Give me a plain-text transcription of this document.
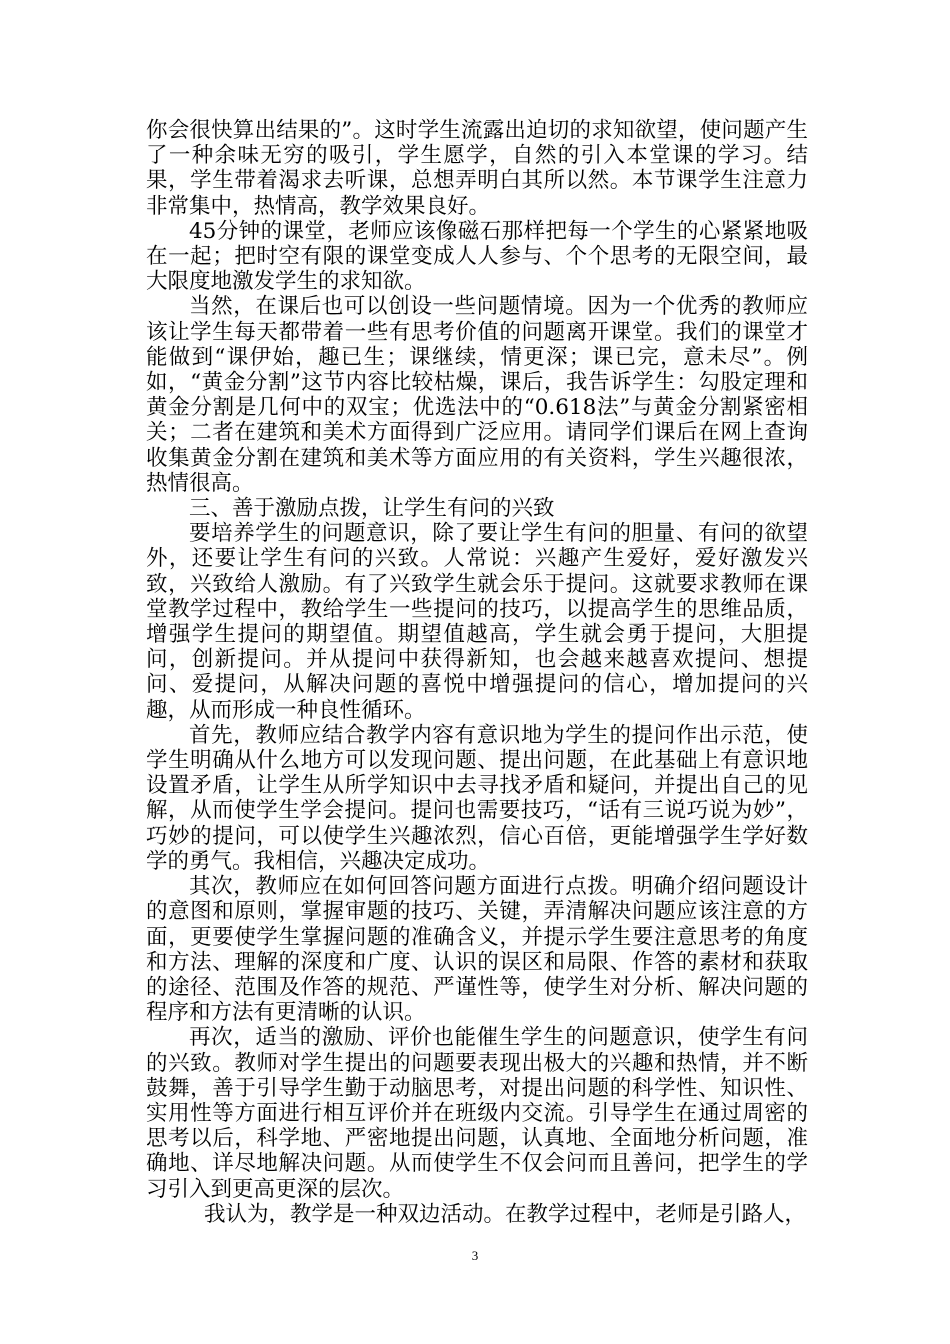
你会很快算出结果的”。这时学生流露出迫切的求知欲望，使问题产生了一种余味无穷的吸引，学生愿学，自然的引入本堂课的学习。结果，学生带着渴求去听课，总想弄明白其所以然。本节课学生注意力非常集中，热情高，教学效果良好。

45分钟的课堂，老师应该像磁石那样把每一个学生的心紧紧地吸在一起；把时空有限的课堂变成人人参与、个个思考的无限空间，最大限度地激发学生的求知欲。

当然，在课后也可以创设一些问题情境。因为一个优秀的教师应该让学生每天都带着一些有思考价值的问题离开课堂。我们的课堂才能做到“课伊始，趣已生；课继续，情更深；课已完，意未尽”。例如，“黄金分割”这节内容比较枯燥，课后，我告诉学生：勾股定理和黄金分割是几何中的双宝；优选法中的“0.618法”与黄金分割紧密相关；二者在建筑和美术方面得到广泛应用。请同学们课后在网上查询收集黄金分割在建筑和美术等方面应用的有关资料，学生兴趣很浓，热情很高。

三、善于激励点拨，让学生有问的兴致

要培养学生的问题意识，除了要让学生有问的胆量、有问的欲望外，还要让学生有问的兴致。人常说：兴趣产生爱好，爱好激发兴致，兴致给人激励。有了兴致学生就会乐于提问。这就要求教师在课堂教学过程中，教给学生一些提问的技巧，以提高学生的思维品质，增强学生提问的期望值。期望值越高，学生就会勇于提问，大胆提问，创新提问。并从提问中获得新知，也会越来越喜欢提问、想提问、爱提问，从解决问题的喜悦中增强提问的信心，增加提问的兴趣，从而形成一种良性循环。

首先，教师应结合教学内容有意识地为学生的提问作出示范，使学生明确从什么地方可以发现问题、提出问题，在此基础上有意识地设置矛盾，让学生从所学知识中去寻找矛盾和疑问，并提出自己的见解，从而使学生学会提问。提问也需要技巧，“话有三说巧说为妙”，巧妙的提问，可以使学生兴趣浓烈，信心百倍，更能增强学生学好数学的勇气。我相信，兴趣决定成功。

其次，教师应在如何回答问题方面进行点拨。明确介绍问题设计的意图和原则，掌握审题的技巧、关键，弄清解决问题应该注意的方面，更要使学生掌握问题的准确含义，并提示学生要注意思考的角度和方法、理解的深度和广度、认识的误区和局限、作答的素材和获取的途径、范围及作答的规范、严谨性等，使学生对分析、解决问题的程序和方法有更清晰的认识。

再次，适当的激励、评价也能催生学生的问题意识，使学生有问的兴致。教师对学生提出的问题要表现出极大的兴趣和热情，并不断鼓舞，善于引导学生勤于动脑思考，对提出问题的科学性、知识性、实用性等方面进行相互评价并在班级内交流。引导学生在通过周密的思考以后，科学地、严密地提出问题，认真地、全面地分析问题，准确地、详尽地解决问题。从而使学生不仅会问而且善问，把学生的学习引入到更高更深的层次。

我认为，教学是一种双边活动。在教学过程中，老师是引路人，

3
